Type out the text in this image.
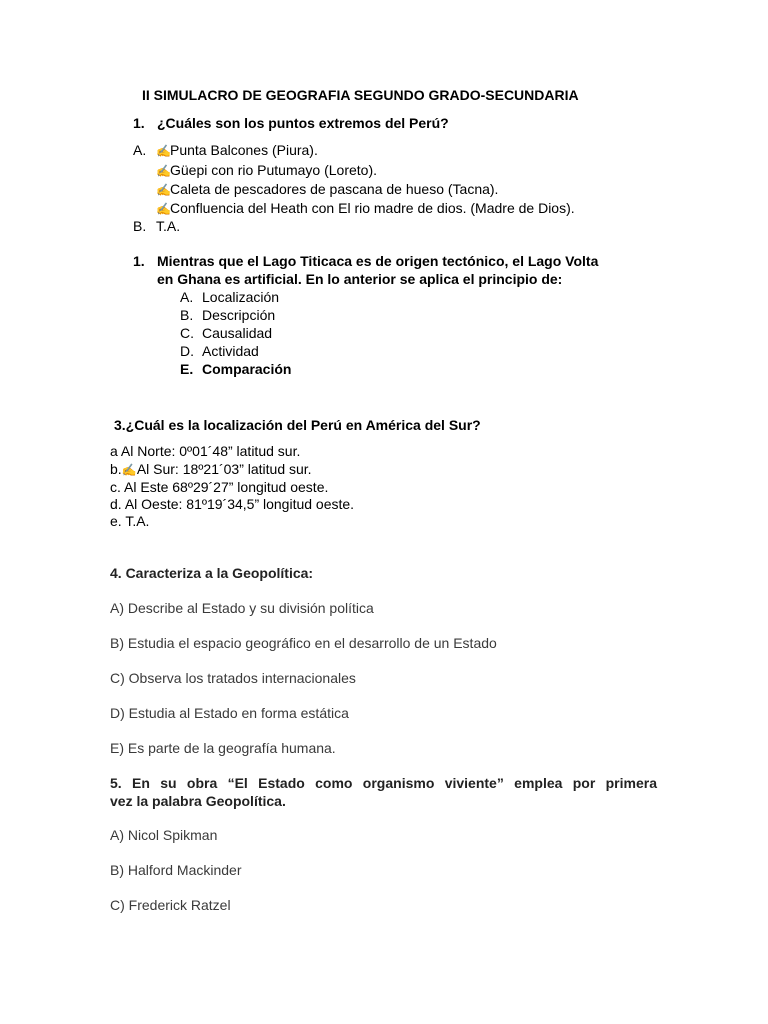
II SIMULACRO DE GEOGRAFIA SEGUNDO GRADO-SECUNDARIA
1. ¿Cuáles son los puntos extremos del Perú?
A. ✍Punta Balcones (Piura).
✍Güepi con rio Putumayo (Loreto).
✍Caleta de pescadores de pascana de hueso (Tacna).
✍Confluencia del Heath con El rio madre de dios. (Madre de Dios).
B. T.A.
1. Mientras que el Lago Titicaca es de origen tectónico, el Lago Volta
en Ghana es artificial. En lo anterior se aplica el principio de:
A. Localización
B. Descripción
C. Causalidad
D. Actividad
E. Comparación
3.¿Cuál es la localización del Perú en América del Sur?
a Al Norte: 0º01´48” latitud sur.
b.✍ Al Sur: 18º21´03” latitud sur.
c. Al Este 68º29´27” longitud oeste.
d. Al Oeste: 81º19´34,5” longitud oeste.
e. T.A.
4. Caracteriza a la Geopolítica:
A) Describe al Estado y su división política
B) Estudia el espacio geográfico en el desarrollo de un Estado
C) Observa los tratados internacionales
D) Estudia al Estado en forma estática
E) Es parte de la geografía humana.
5. En su obra “El Estado como organismo viviente” emplea por primera
vez la palabra Geopolítica.
A) Nicol Spikman
B) Halford Mackinder
C) Frederick Ratzel
